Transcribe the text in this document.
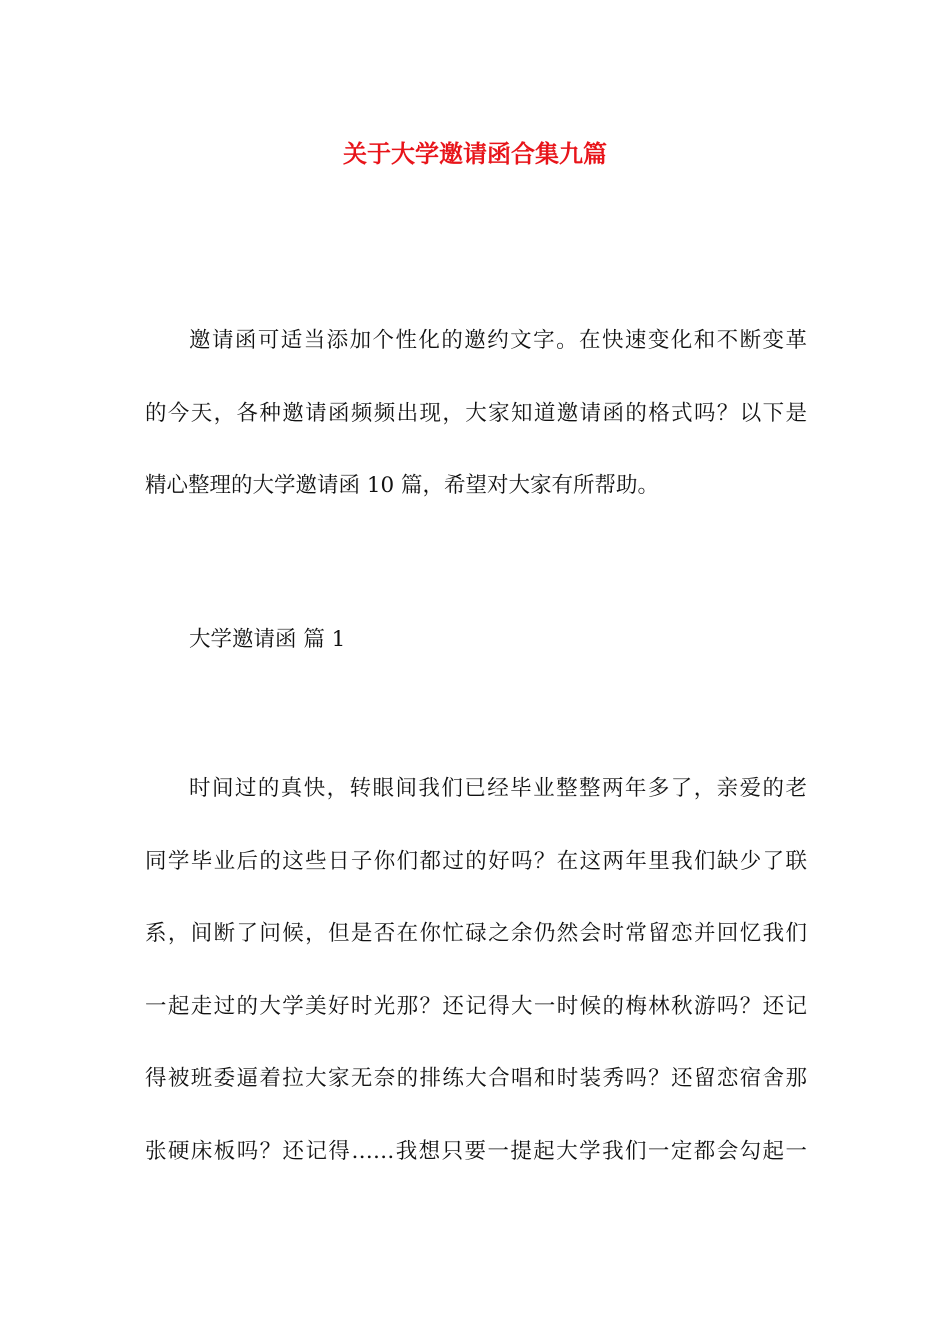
关于大学邀请函合集九篇
邀请函可适当添加个性化的邀约文字。在快速变化和不断变革
的今天，各种邀请函频频出现，大家知道邀请函的格式吗？以下是
精心整理的大学邀请函 10 篇，希望对大家有所帮助。
大学邀请函 篇 1
时间过的真快，转眼间我们已经毕业整整两年多了，亲爱的老
同学毕业后的这些日子你们都过的好吗？在这两年里我们缺少了联
系，间断了问候，但是否在你忙碌之余仍然会时常留恋并回忆我们
一起走过的大学美好时光那？还记得大一时候的梅林秋游吗？还记
得被班委逼着拉大家无奈的排练大合唱和时装秀吗？还留恋宿舍那
张硬床板吗？还记得……我想只要一提起大学我们一定都会勾起一
